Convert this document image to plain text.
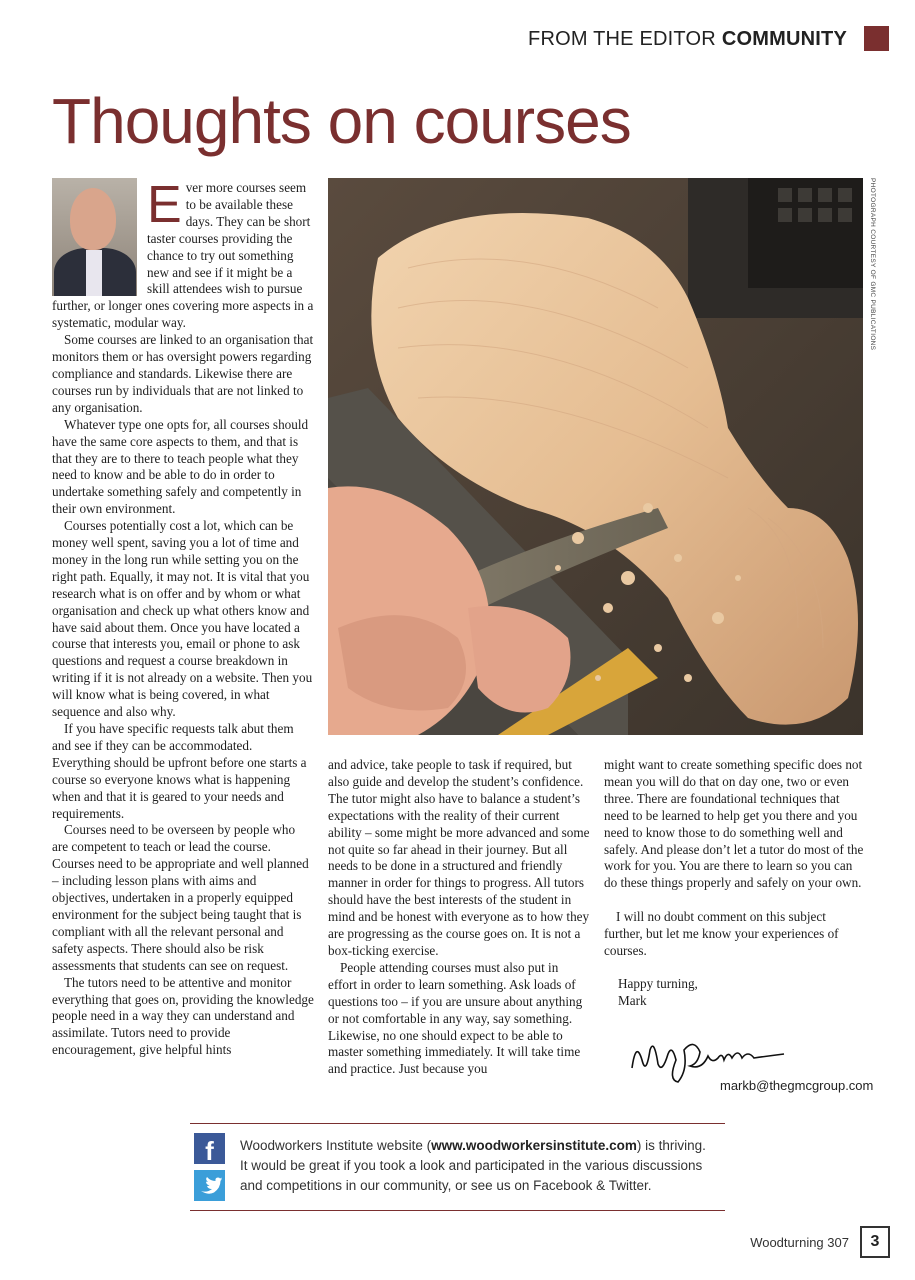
FROM THE EDITOR COMMUNITY
Thoughts on courses
E ver more courses seem to be available these days. They can be short taster courses providing the chance to try out something new and see if it might be a skill attendees wish to pursue further, or longer ones covering more aspects in a systematic, modular way.

Some courses are linked to an organisation that monitors them or has oversight powers regarding compliance and standards. Likewise there are courses run by individuals that are not linked to any organisation.

Whatever type one opts for, all courses should have the same core aspects to them, and that is that they are to there to teach people what they need to know and be able to do in order to undertake something safely and competently in their own environment.

Courses potentially cost a lot, which can be money well spent, saving you a lot of time and money in the long run while setting you on the right path. Equally, it may not. It is vital that you research what is on offer and by whom or what organisation and check up what others know and have said about them. Once you have located a course that interests you, email or phone to ask questions and request a course breakdown in writing if it is not already on a website. Then you will know what is being covered, in what sequence and also why.

If you have specific requests talk abut them and see if they can be accommodated. Everything should be upfront before one starts a course so everyone knows what is happening when and that it is geared to your needs and requirements.

Courses need to be overseen by people who are competent to teach or lead the course. Courses need to be appropriate and well planned – including lesson plans with aims and objectives, undertaken in a properly equipped environment for the subject being taught that is compliant with all the relevant personal and safety aspects. There should also be risk assessments that students can see on request.

The tutors need to be attentive and monitor everything that goes on, providing the knowledge people need in a way they can understand and assimilate. Tutors need to provide encouragement, give helpful hints

PHOTOGRAPH COURTESY OF GMC PUBLICATIONS

and advice, take people to task if required, but also guide and develop the student’s confidence. The tutor might also have to balance a student’s expectations with the reality of their current ability – some might be more advanced and some not quite so far ahead in their journey. But all needs to be done in a structured and friendly manner in order for things to progress. All tutors should have the best interests of the student in mind and be honest with everyone as to how they are progressing as the course goes on. It is not a box-ticking exercise.

People attending courses must also put in effort in order to learn something. Ask loads of questions too – if you are unsure about anything or not comfortable in any way, say something. Likewise, no one should expect to be able to master something immediately. It will take time and practice. Just because you

might want to create something specific does not mean you will do that on day one, two or even three. There are foundational techniques that need to be learned to help get you there and you need to know those to do something well and safely. And please don’t let a tutor do most of the work for you. You are there to learn so you can do these things properly and safely on your own.

I will no doubt comment on this subject further, but let me know your experiences of courses.

Happy turning,
Mark
markb@thegmcgroup.com
f	Woodworkers Institute website (www.woodworkersinstitute.com) is thriving.
It would be great if you took a look and participated in the various discussions
and competitions in our community, or see us on Facebook & Twitter.
Woodturning 307	3
